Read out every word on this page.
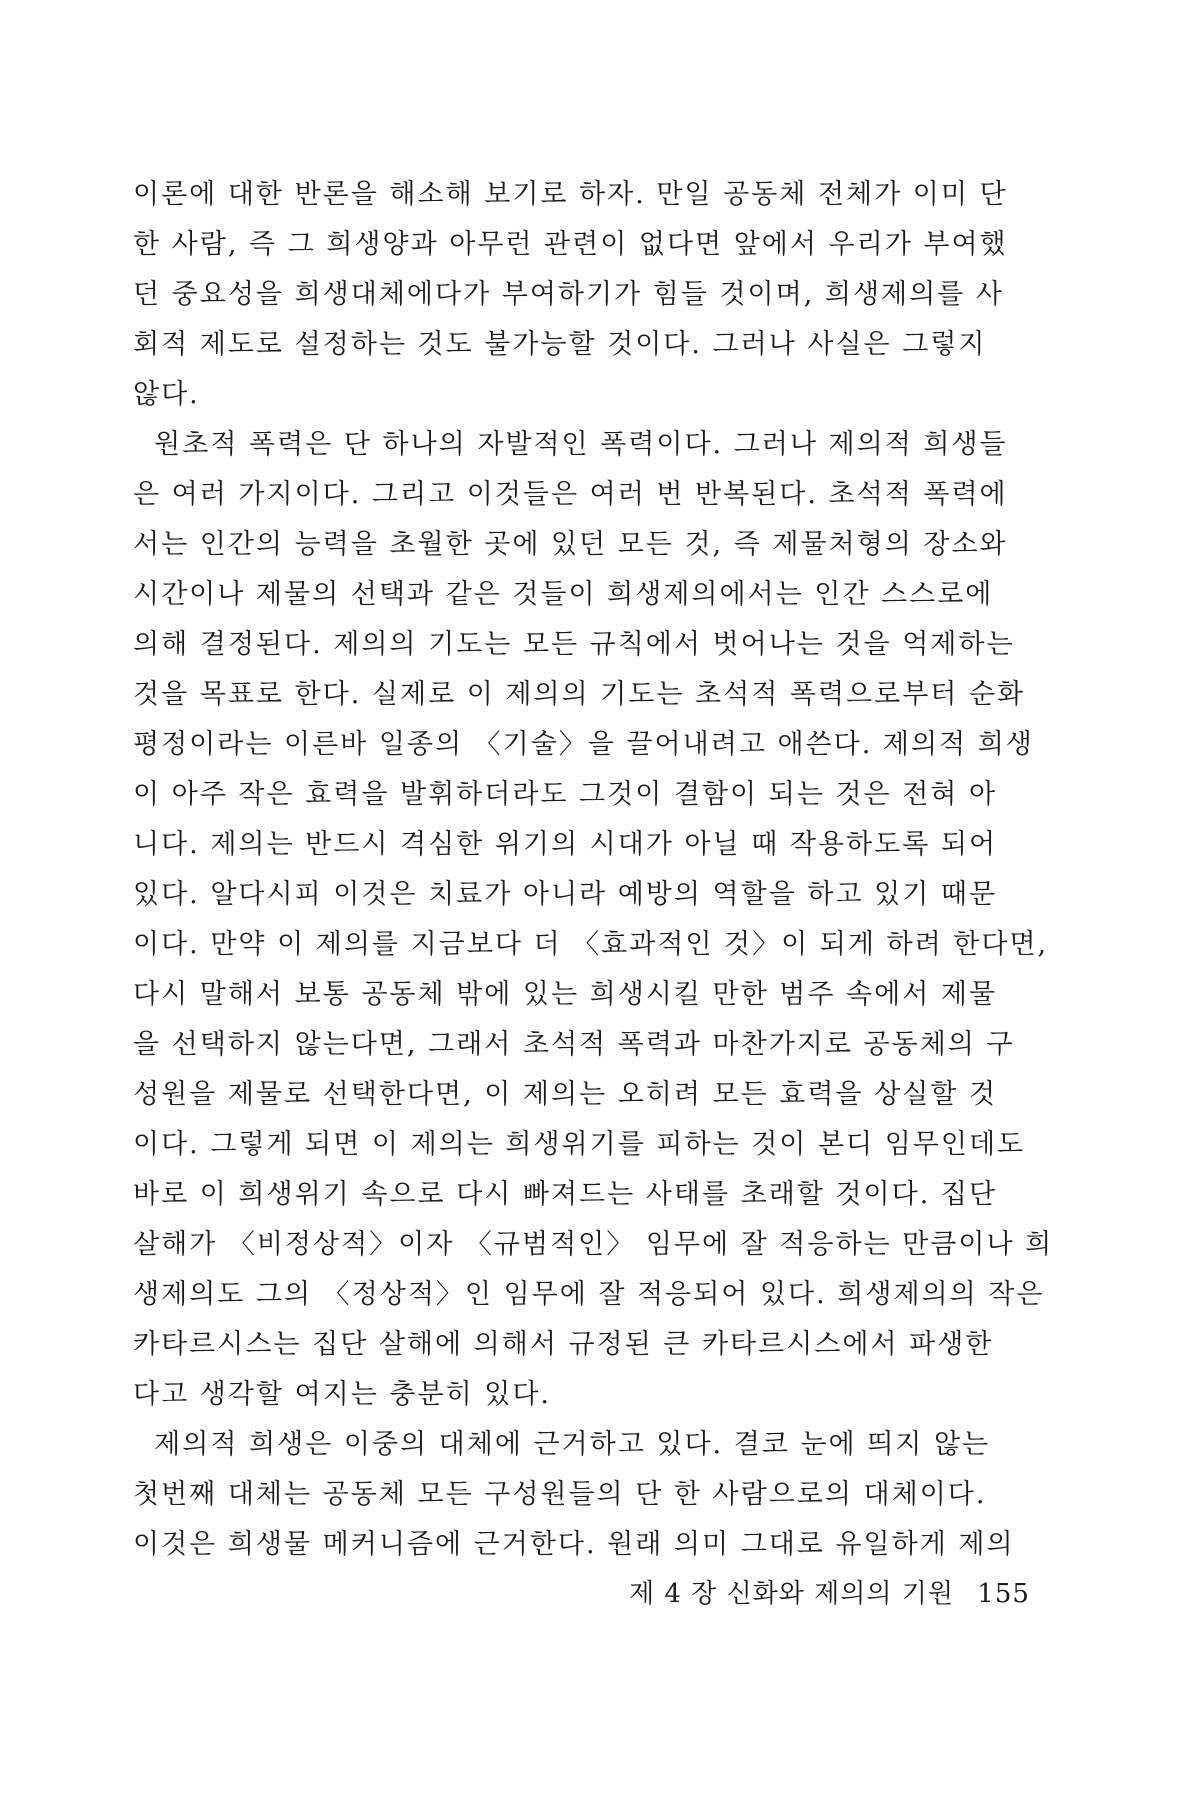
이론에 대한 반론을 해소해 보기로 하자. 만일 공동체 전체가 이미 단
한 사람, 즉 그 희생양과 아무런 관련이 없다면 앞에서 우리가 부여했
던 중요성을 희생대체에다가 부여하기가 힘들 것이며, 희생제의를 사
회적 제도로 설정하는 것도 불가능할 것이다. 그러나 사실은 그렇지
않다.
원초적 폭력은 단 하나의 자발적인 폭력이다. 그러나 제의적 희생들
은 여러 가지이다. 그리고 이것들은 여러 번 반복된다. 초석적 폭력에
서는 인간의 능력을 초월한 곳에 있던 모든 것, 즉 제물처형의 장소와
시간이나 제물의 선택과 같은 것들이 희생제의에서는 인간 스스로에
의해 결정된다. 제의의 기도는 모든 규칙에서 벗어나는 것을 억제하는
것을 목표로 한다. 실제로 이 제의의 기도는 초석적 폭력으로부터 순화
평정이라는 이른바 일종의 〈기술〉을 끌어내려고 애쓴다. 제의적 희생
이 아주 작은 효력을 발휘하더라도 그것이 결함이 되는 것은 전혀 아
니다. 제의는 반드시 격심한 위기의 시대가 아닐 때 작용하도록 되어
있다. 알다시피 이것은 치료가 아니라 예방의 역할을 하고 있기 때문
이다. 만약 이 제의를 지금보다 더 〈효과적인 것〉이 되게 하려 한다면,
다시 말해서 보통 공동체 밖에 있는 희생시킬 만한 범주 속에서 제물
을 선택하지 않는다면, 그래서 초석적 폭력과 마찬가지로 공동체의 구
성원을 제물로 선택한다면, 이 제의는 오히려 모든 효력을 상실할 것
이다. 그렇게 되면 이 제의는 희생위기를 피하는 것이 본디 임무인데도
바로 이 희생위기 속으로 다시 빠져드는 사태를 초래할 것이다. 집단
살해가 〈비정상적〉이자 〈규범적인〉 임무에 잘 적응하는 만큼이나 희
생제의도 그의 〈정상적〉인 임무에 잘 적응되어 있다. 희생제의의 작은
카타르시스는 집단 살해에 의해서 규정된 큰 카타르시스에서 파생한
다고 생각할 여지는 충분히 있다.
제의적 희생은 이중의 대체에 근거하고 있다. 결코 눈에 띄지 않는
첫번째 대체는 공동체 모든 구성원들의 단 한 사람으로의 대체이다.
이것은 희생물 메커니즘에 근거한다. 원래 의미 그대로 유일하게 제의
제 4 장 신화와 제의의 기원 155
